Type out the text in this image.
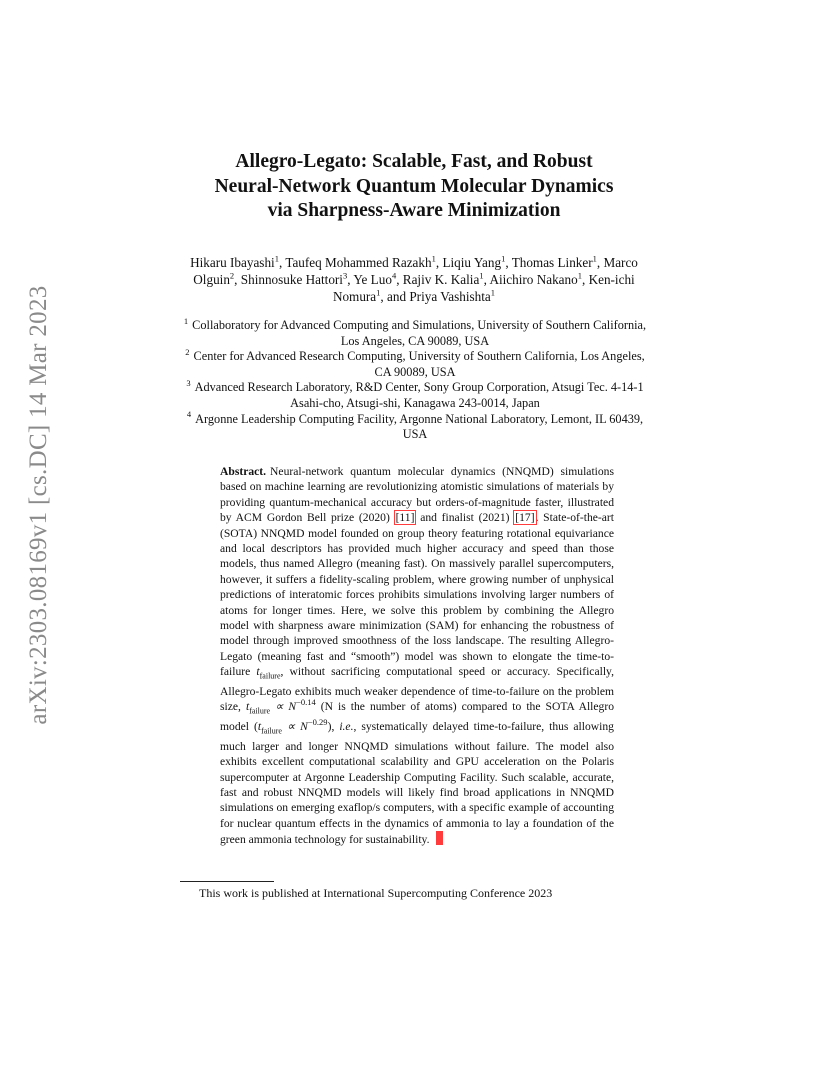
arXiv:2303.08169v1 [cs.DC] 14 Mar 2023
Allegro-Legato: Scalable, Fast, and Robust
Neural-Network Quantum Molecular Dynamics
via Sharpness-Aware Minimization
Hikaru Ibayashi$^1$, Taufeq Mohammed Razakh$^1$, Liqiu Yang$^1$, Thomas Linker$^1$, Marco Olguin$^2$, Shinnosuke Hattori$^3$, Ye Luo$^4$, Rajiv K. Kalia$^1$, Aiichiro Nakano$^1$, Ken-ichi Nomura$^1$, and Priya Vashishta$^1$
$^1$ Collaboratory for Advanced Computing and Simulations, University of Southern California, Los Angeles, CA 90089, USA
$^2$ Center for Advanced Research Computing, University of Southern California, Los Angeles, CA 90089, USA
$^3$ Advanced Research Laboratory, R&D Center, Sony Group Corporation, Atsugi Tec. 4-14-1 Asahi-cho, Atsugi-shi, Kanagawa 243-0014, Japan
$^4$ Argonne Leadership Computing Facility, Argonne National Laboratory, Lemont, IL 60439, USA
Abstract. Neural-network quantum molecular dynamics (NNQMD) simulations based on machine learning are revolutionizing atomistic simulations of materials by providing quantum-mechanical accuracy but orders-of-magnitude faster, illustrated by ACM Gordon Bell prize (2020) [11] and finalist (2021) [17]. State-of-the-art (SOTA) NNQMD model founded on group theory featuring rotational equivariance and local descriptors has provided much higher accuracy and speed than those models, thus named Allegro (meaning fast). On massively parallel supercomputers, however, it suffers a fidelity-scaling problem, where growing number of unphysical predictions of interatomic forces prohibits simulations involving larger numbers of atoms for longer times. Here, we solve this problem by combining the Allegro model with sharpness aware minimization (SAM) for enhancing the robustness of model through improved smoothness of the loss landscape. The resulting Allegro-Legato (meaning fast and “smooth”) model was shown to elongate the time-to-failure $t_{failure}$, without sacrificing computational speed or accuracy. Specifically, Allegro-Legato exhibits much weaker dependence of time-to-failure on the problem size, $t_{failure} \propto N^{-0.14}$ (N is the number of atoms) compared to the SOTA Allegro model $(t_{failure} \propto N^{-0.29})$, i.e., systematically delayed time-to-failure, thus allowing much larger and longer NNQMD simulations without failure. The model also exhibits excellent computational scalability and GPU acceleration on the Polaris supercomputer at Argonne Leadership Computing Facility. Such scalable, accurate, fast and robust NNQMD models will likely find broad applications in NNQMD simulations on emerging exaflop/s computers, with a specific example of accounting for nuclear quantum effects in the dynamics of ammonia to lay a foundation of the green ammonia technology for sustainability.
This work is published at International Supercomputing Conference 2023
